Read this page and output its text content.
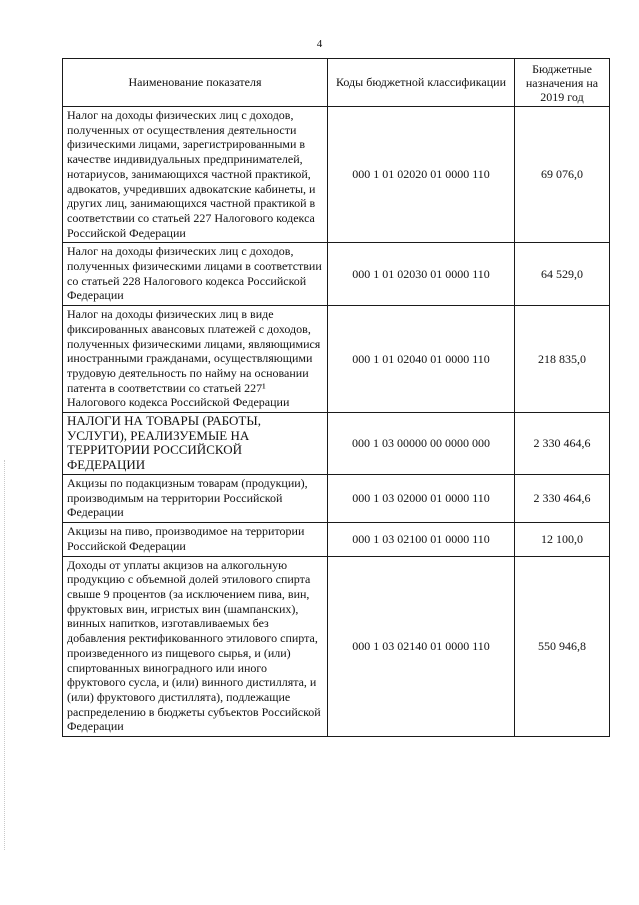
4
Наименование показателя	Коды бюджетной классификации	Бюджетные назначения на 2019 год
Налог на доходы физических лиц с доходов, полученных от осуществления деятельности физическими лицами, зарегистрированными в качестве индивидуальных предпринимателей, нотариусов, занимающихся частной практикой, адвокатов, учредивших адвокатские кабинеты, и других лиц, занимающихся частной практикой в соответствии со статьей 227 Налогового кодекса Российской Федерации	000 1 01 02020 01 0000 110	69 076,0
Налог на доходы физических лиц с доходов, полученных физическими лицами в соответствии со статьей 228 Налогового кодекса Российской Федерации	000 1 01 02030 01 0000 110	64 529,0
Налог на доходы физических лиц в виде фиксированных авансовых платежей с доходов, полученных физическими лицами, являющимися иностранными гражданами, осуществляющими трудовую деятельность по найму на основании патента в соответствии со статьей 227¹ Налогового кодекса Российской Федерации	000 1 01 02040 01 0000 110	218 835,0
НАЛОГИ НА ТОВАРЫ (РАБОТЫ, УСЛУГИ), РЕАЛИЗУЕМЫЕ НА ТЕРРИТОРИИ РОССИЙСКОЙ ФЕДЕРАЦИИ	000 1 03 00000 00 0000 000	2 330 464,6
Акцизы по подакцизным товарам (продукции), производимым на территории Российской Федерации	000 1 03 02000 01 0000 110	2 330 464,6
Акцизы на пиво, производимое на территории Российской Федерации	000 1 03 02100 01 0000 110	12 100,0
Доходы от уплаты акцизов на алкогольную продукцию с объемной долей этилового спирта свыше 9 процентов (за исключением пива, вин, фруктовых вин, игристых вин (шампанских), винных напитков, изготавливаемых без добавления ректификованного этилового спирта, произведенного из пищевого сырья, и (или) спиртованных виноградного или иного фруктового сусла, и (или) винного дистиллята, и (или) фруктового дистиллята), подлежащие распределению в бюджеты субъектов Российской Федерации	000 1 03 02140 01 0000 110	550 946,8
